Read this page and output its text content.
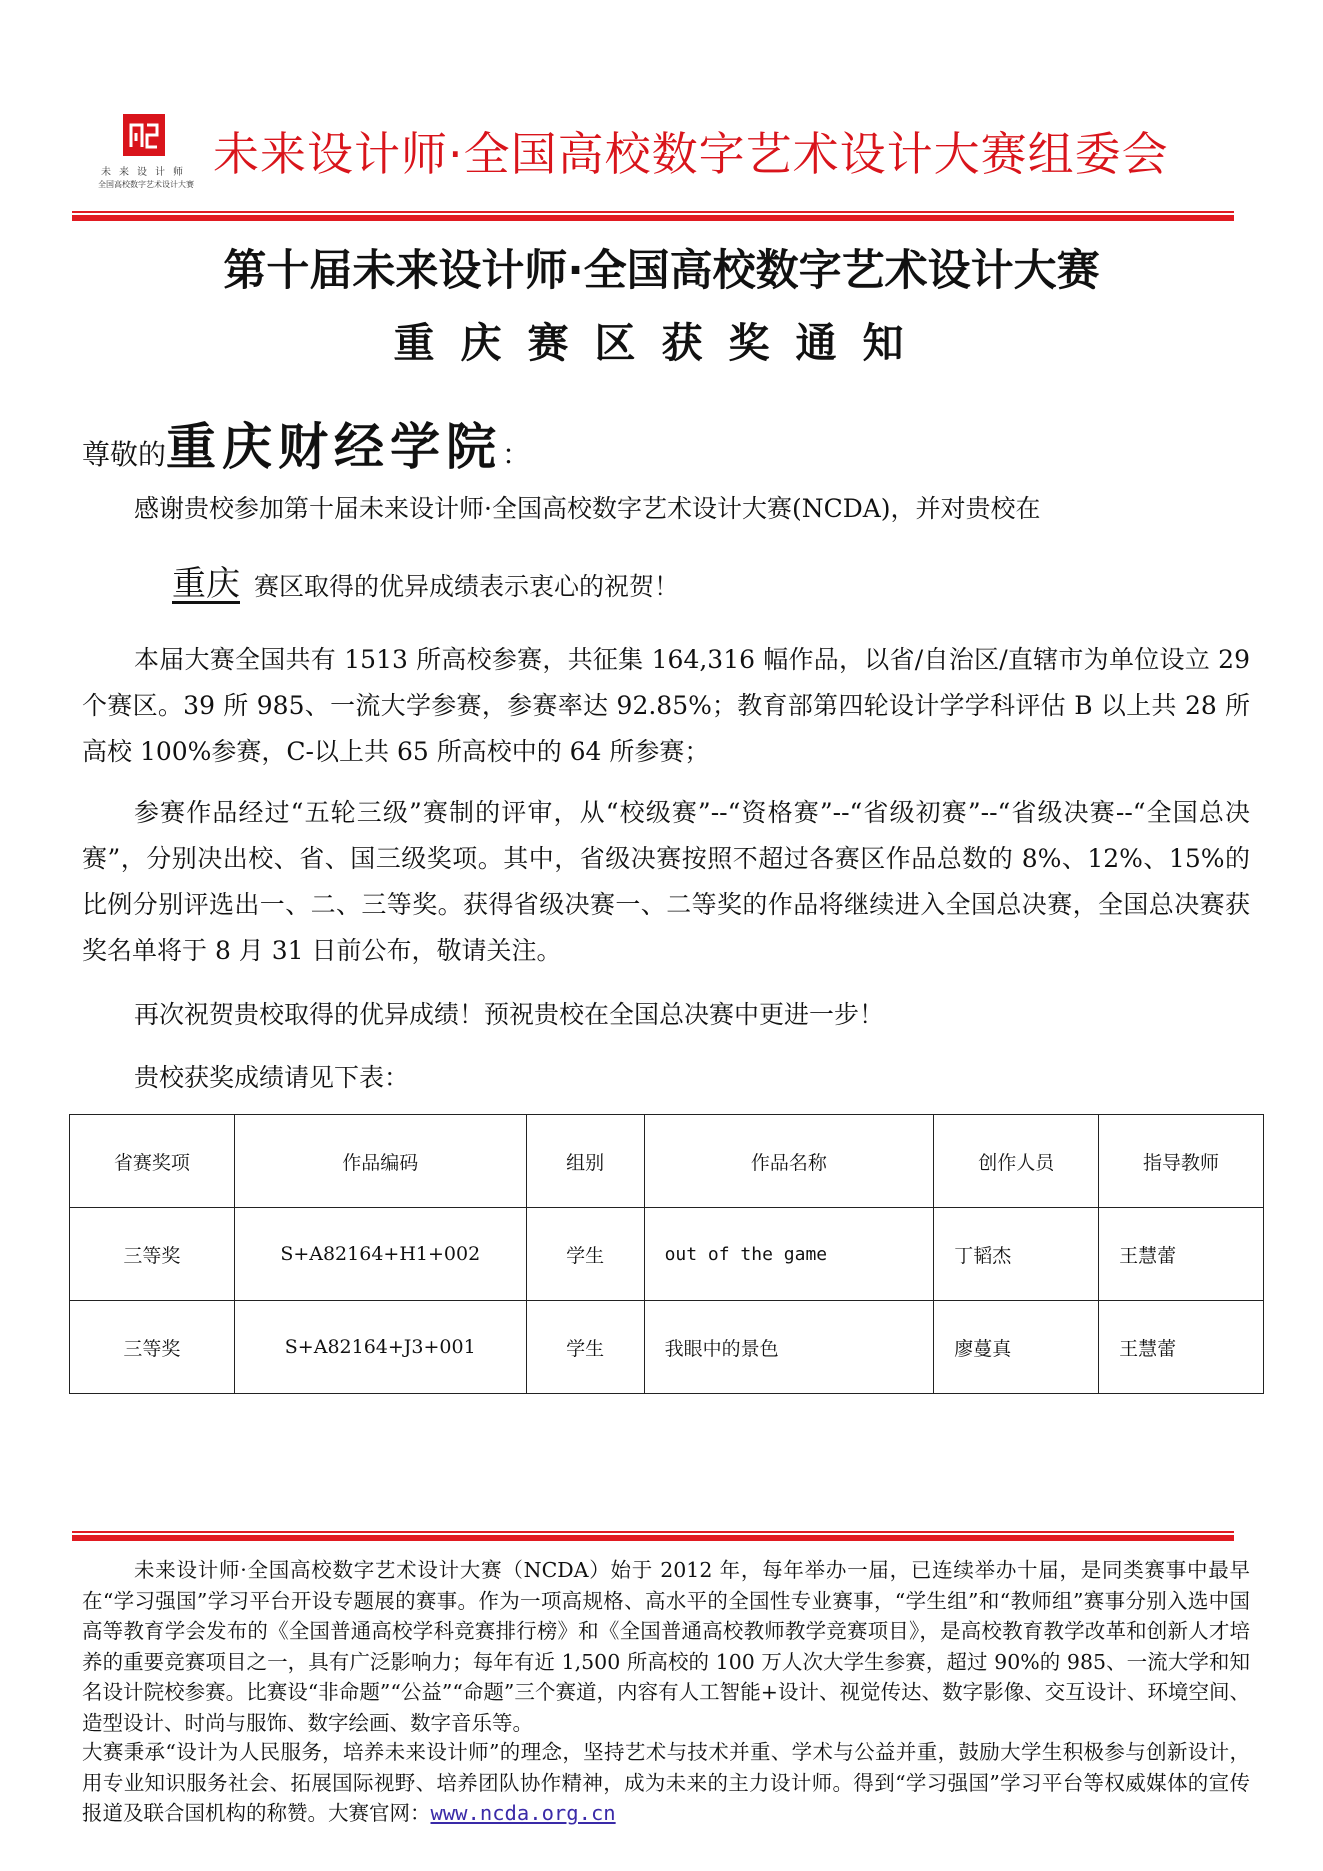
未来设计师
全国高校数字艺术设计大赛
未来设计师·全国高校数字艺术设计大赛组委会
第十届未来设计师·全国高校数字艺术设计大赛
重庆赛区获奖通知
尊敬的重庆财经学院：
感谢贵校参加第十届未来设计师·全国高校数字艺术设计大赛(NCDA)，并对贵校在
重庆 赛区取得的优异成绩表示衷心的祝贺！
本届大赛全国共有 1513 所高校参赛，共征集 164,316 幅作品，以省/自治区/直辖市为单位设立 29 个赛区。39 所 985、一流大学参赛，参赛率达 92.85%；教育部第四轮设计学学科评估 B 以上共 28 所高校 100%参赛，C-以上共 65 所高校中的 64 所参赛；
参赛作品经过“五轮三级”赛制的评审，从“校级赛”--“资格赛”--“省级初赛”--“省级决赛--“全国总决赛”，分别决出校、省、国三级奖项。其中，省级决赛按照不超过各赛区作品总数的 8%、12%、15%的比例分别评选出一、二、三等奖。获得省级决赛一、二等奖的作品将继续进入全国总决赛，全国总决赛获奖名单将于 8 月 31 日前公布，敬请关注。
再次祝贺贵校取得的优异成绩！预祝贵校在全国总决赛中更进一步！
贵校获奖成绩请见下表：
省赛奖项	作品编码	组别	作品名称	创作人员	指导教师
三等奖	S+A82164+H1+002	学生	out of the game	丁韬杰	王慧蕾
三等奖	S+A82164+J3+001	学生	我眼中的景色	廖蔓真	王慧蕾
未来设计师·全国高校数字艺术设计大赛（NCDA）始于 2012 年，每年举办一届，已连续举办十届，是同类赛事中最早在“学习强国”学习平台开设专题展的赛事。作为一项高规格、高水平的全国性专业赛事，“学生组”和“教师组”赛事分别入选中国高等教育学会发布的《全国普通高校学科竞赛排行榜》和《全国普通高校教师教学竞赛项目》，是高校教育教学改革和创新人才培养的重要竞赛项目之一，具有广泛影响力；每年有近 1,500 所高校的 100 万人次大学生参赛，超过 90%的 985、一流大学和知名设计院校参赛。比赛设“非命题”“公益”“命题”三个赛道，内容有人工智能+设计、视觉传达、数字影像、交互设计、环境空间、造型设计、时尚与服饰、数字绘画、数字音乐等。
大赛秉承“设计为人民服务，培养未来设计师”的理念，坚持艺术与技术并重、学术与公益并重，鼓励大学生积极参与创新设计，用专业知识服务社会、拓展国际视野、培养团队协作精神，成为未来的主力设计师。得到“学习强国”学习平台等权威媒体的宣传报道及联合国机构的称赞。大赛官网：www.ncda.org.cn
